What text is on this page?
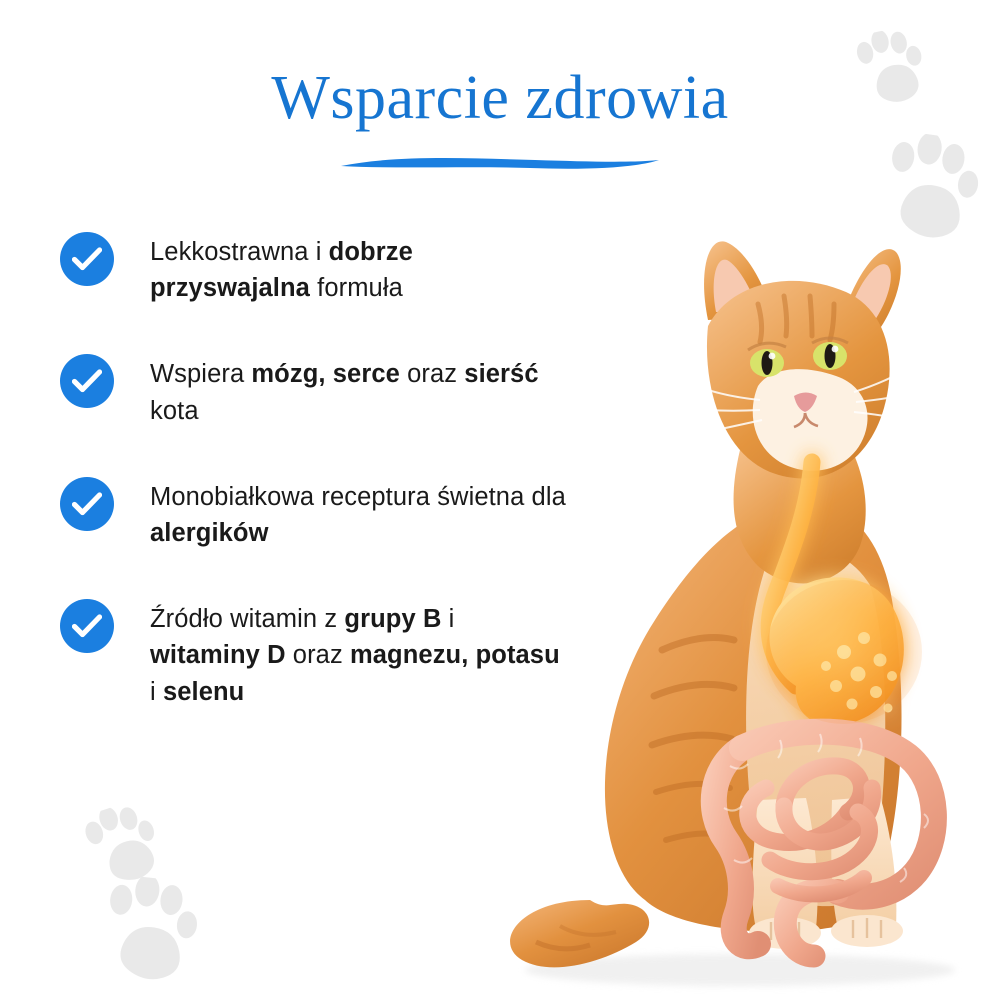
Wsparcie zdrowia
Lekkostrawna i dobrze przyswajalna formuła
Wspiera mózg, serce oraz sierść kota
Monobiałkowa receptura świetna dla alergików
Źródło witamin z grupy B i witaminy D oraz magnezu, potasu i selenu
